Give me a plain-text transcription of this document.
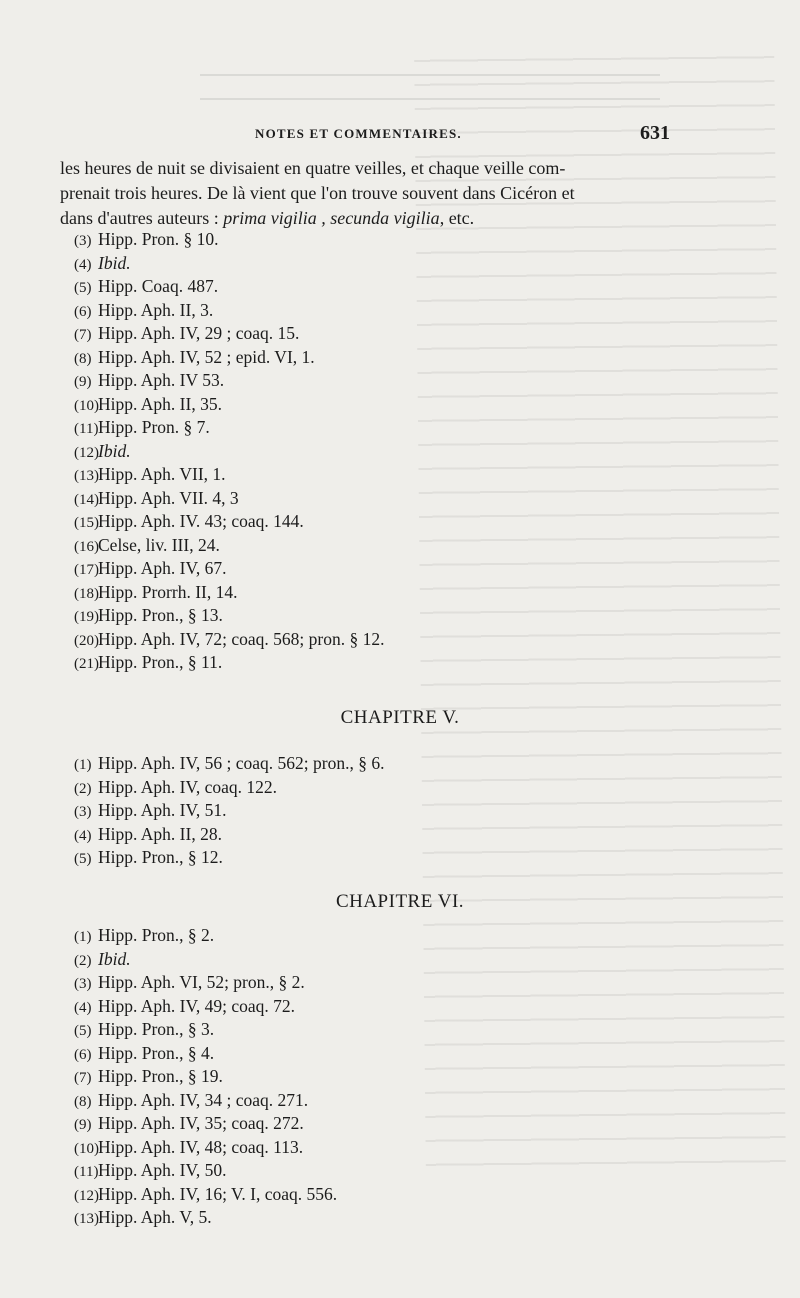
NOTES ET COMMENTAIRES.	631
les heures de nuit se divisaient en quatre veilles, et chaque veille com-
prenait trois heures. De là vient que l'on trouve souvent dans Cicéron et
dans d'autres auteurs : prima vigilia , secunda vigilia, etc.
(3) Hipp. Pron. § 10.
(4) Ibid.
(5) Hipp. Coaq. 487.
(6) Hipp. Aph. II, 3.
(7) Hipp. Aph. IV, 29 ; coaq. 15.
(8) Hipp. Aph. IV, 52 ; epid. VI, 1.
(9) Hipp. Aph. IV 53.
(10)Hipp. Aph. II, 35.
(11)Hipp. Pron. § 7.
(12)Ibid.
(13)Hipp. Aph. VII, 1.
(14)Hipp. Aph. VII. 4, 3
(15)Hipp. Aph. IV. 43; coaq. 144.
(16)Celse, liv. III, 24.
(17)Hipp. Aph. IV, 67.
(18)Hipp. Prorrh. II, 14.
(19)Hipp. Pron., § 13.
(20)Hipp. Aph. IV, 72; coaq. 568; pron. § 12.
(21)Hipp. Pron., § 11.
CHAPITRE V.
(1) Hipp. Aph. IV, 56 ; coaq. 562; pron., § 6.
(2) Hipp. Aph. IV, coaq. 122.
(3) Hipp. Aph. IV, 51.
(4) Hipp. Aph. II, 28.
(5) Hipp. Pron., § 12.
CHAPITRE VI.
(1) Hipp. Pron., § 2.
(2) Ibid.
(3) Hipp. Aph. VI, 52; pron., § 2.
(4) Hipp. Aph. IV, 49; coaq. 72.
(5) Hipp. Pron., § 3.
(6) Hipp. Pron., § 4.
(7) Hipp. Pron., § 19.
(8) Hipp. Aph. IV, 34 ; coaq. 271.
(9) Hipp. Aph. IV, 35; coaq. 272.
(10)Hipp. Aph. IV, 48; coaq. 113.
(11)Hipp. Aph. IV, 50.
(12)Hipp. Aph. IV, 16; V. I, coaq. 556.
(13)Hipp. Aph. V, 5.
